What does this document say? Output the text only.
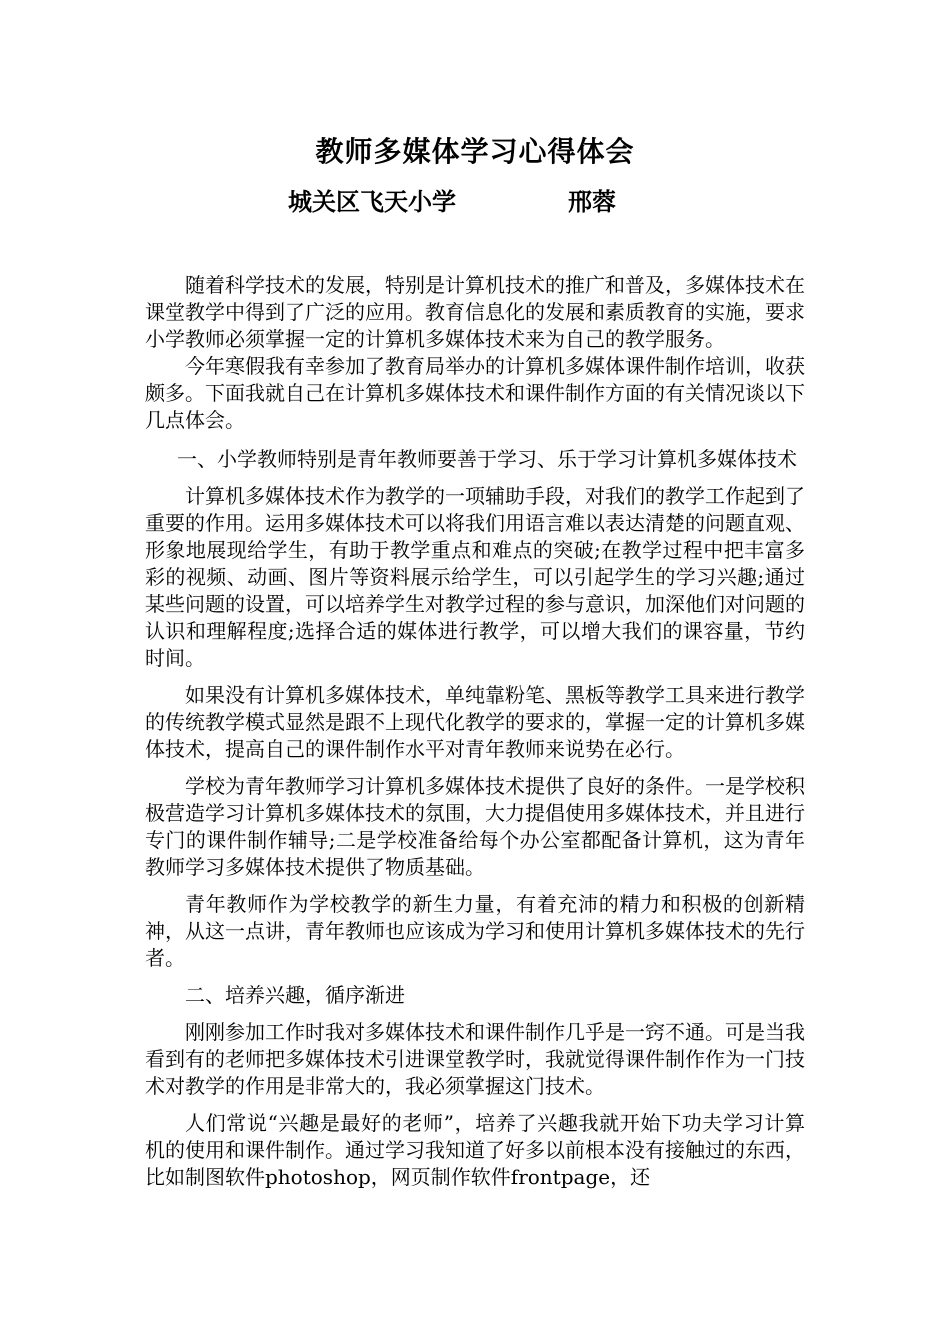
教师多媒体学习心得体会
城关区飞天小学	邢蓉

随着科学技术的发展，特别是计算机技术的推广和普及，多媒体技术在课堂教学中得到了广泛的应用。教育信息化的发展和素质教育的实施，要求小学教师必须掌握一定的计算机多媒体技术来为自己的教学服务。

今年寒假我有幸参加了教育局举办的计算机多媒体课件制作培训，收获颇多。下面我就自己在计算机多媒体技术和课件制作方面的有关情况谈以下几点体会。

一、小学教师特别是青年教师要善于学习、乐于学习计算机多媒体技术

计算机多媒体技术作为教学的一项辅助手段，对我们的教学工作起到了重要的作用。运用多媒体技术可以将我们用语言难以表达清楚的问题直观、形象地展现给学生，有助于教学重点和难点的突破;在教学过程中把丰富多彩的视频、动画、图片等资料展示给学生，可以引起学生的学习兴趣;通过某些问题的设置，可以培养学生对教学过程的参与意识，加深他们对问题的认识和理解程度;选择合适的媒体进行教学，可以增大我们的课容量，节约时间。

如果没有计算机多媒体技术，单纯靠粉笔、黑板等教学工具来进行教学的传统教学模式显然是跟不上现代化教学的要求的，掌握一定的计算机多媒体技术，提高自己的课件制作水平对青年教师来说势在必行。

学校为青年教师学习计算机多媒体技术提供了良好的条件。一是学校积极营造学习计算机多媒体技术的氛围，大力提倡使用多媒体技术，并且进行专门的课件制作辅导;二是学校准备给每个办公室都配备计算机，这为青年教师学习多媒体技术提供了物质基础。

青年教师作为学校教学的新生力量，有着充沛的精力和积极的创新精神，从这一点讲，青年教师也应该成为学习和使用计算机多媒体技术的先行者。

二、培养兴趣，循序渐进

刚刚参加工作时我对多媒体技术和课件制作几乎是一窍不通。可是当我看到有的老师把多媒体技术引进课堂教学时，我就觉得课件制作作为一门技术对教学的作用是非常大的，我必须掌握这门技术。

人们常说“兴趣是最好的老师”，培养了兴趣我就开始下功夫学习计算机的使用和课件制作。通过学习我知道了好多以前根本没有接触过的东西，比如制图软件photoshop，网页制作软件frontpage，还
